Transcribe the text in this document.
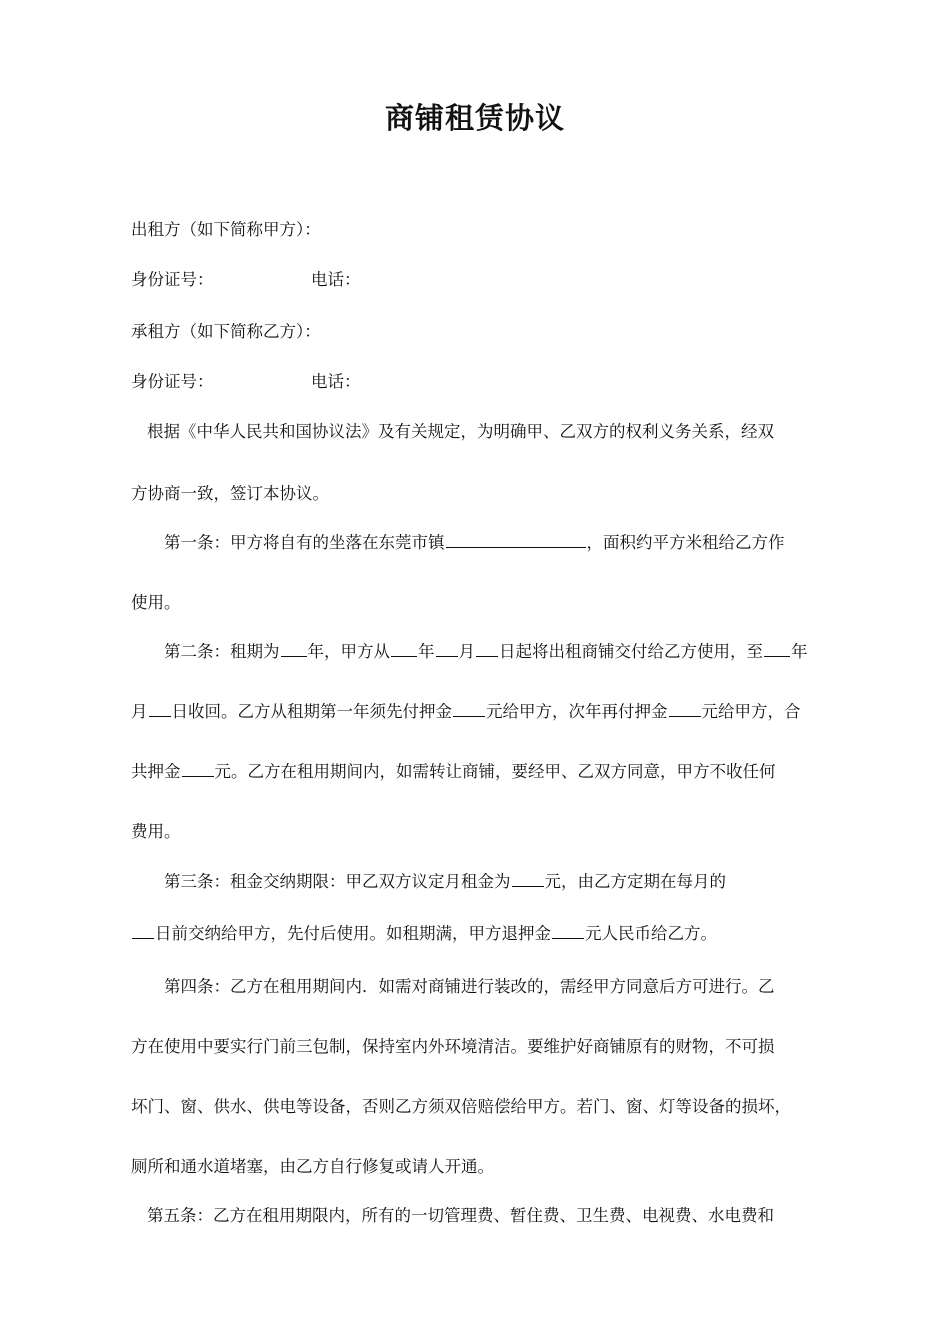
商铺租赁协议
出租方（如下简称甲方）：
身份证号：	电话：
承租方（如下简称乙方）：
身份证号：	电话：
根据《中华人民共和国协议法》及有关规定，为明确甲、乙双方的权利义务关系，经双
方协商一致，签订本协议。
第一条：甲方将自有的坐落在东莞市镇	，面积约平方米租给乙方作
使用。
第二条：租期为 年，甲方从 年 月 日起将出租商铺交付给乙方使用，至 年
月 日收回。乙方从租期第一年须先付押金 元给甲方，次年再付押金 元给甲方，合
共押金 元。乙方在租用期间内，如需转让商铺，要经甲、乙双方同意，甲方不收任何
费用。
第三条：租金交纳期限：甲乙双方议定月租金为 元，由乙方定期在每月的
日前交纳给甲方，先付后使用。如租期满，甲方退押金 元人民币给乙方。
第四条：乙方在租用期间内．如需对商铺进行装改的，需经甲方同意后方可进行。乙
方在使用中要实行门前三包制，保持室内外环境清洁。要维护好商铺原有的财物，不可损
坏门、窗、供水、供电等设备，否则乙方须双倍赔偿给甲方。若门、窗、灯等设备的损坏，
厕所和通水道堵塞，由乙方自行修复或请人开通。
第五条：乙方在租用期限内，所有的一切管理费、暂住费、卫生费、电视费、水电费和
